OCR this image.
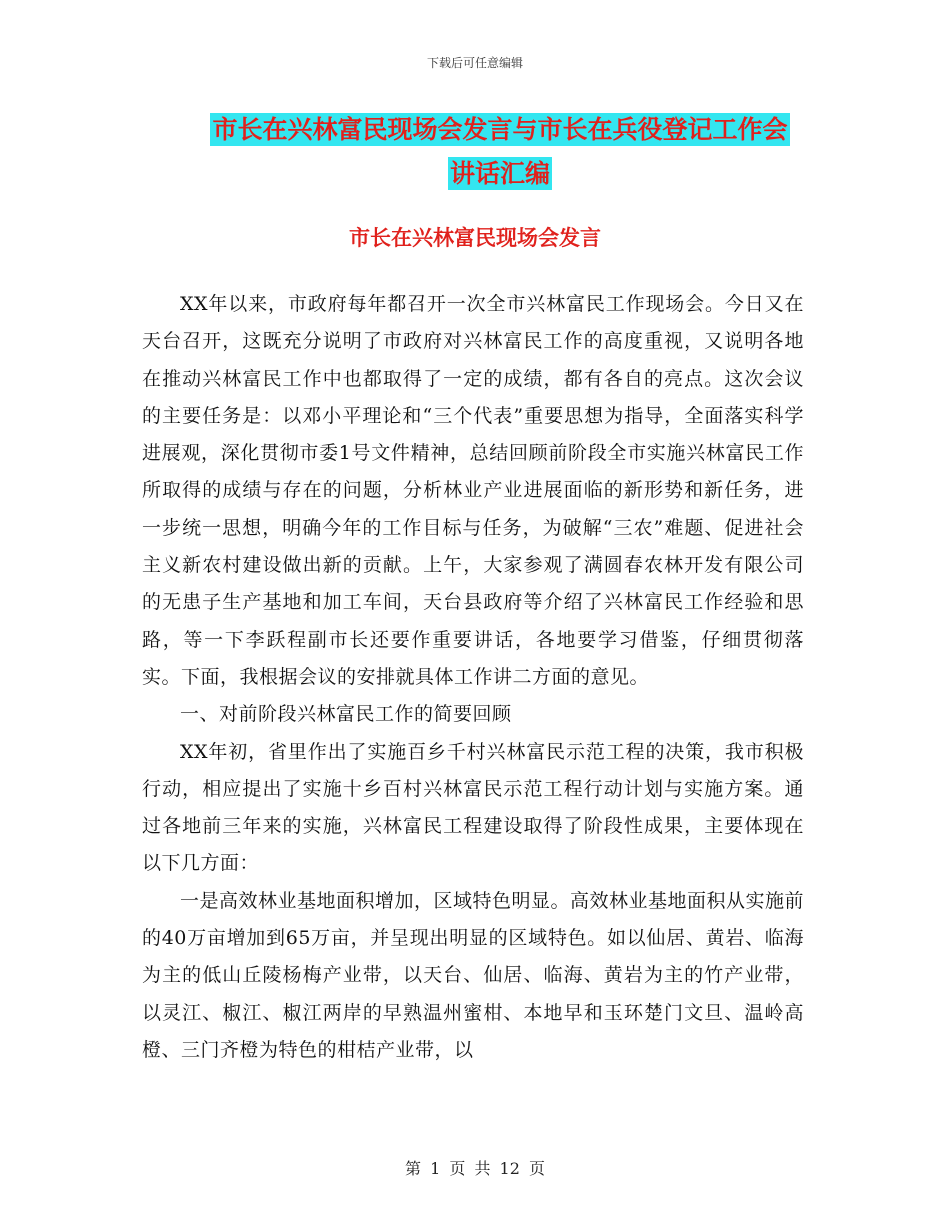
下载后可任意编辑
市长在兴林富民现场会发言与市长在兵役登记工作会
讲话汇编
市长在兴林富民现场会发言

XX年以来，市政府每年都召开一次全市兴林富民工作现场会。今日又在天台召开，这既充分说明了市政府对兴林富民工作的高度重视，又说明各地在推动兴林富民工作中也都取得了一定的成绩，都有各自的亮点。这次会议的主要任务是：以邓小平理论和“三个代表”重要思想为指导，全面落实科学进展观，深化贯彻市委1号文件精神，总结回顾前阶段全市实施兴林富民工作所取得的成绩与存在的问题，分析林业产业进展面临的新形势和新任务，进一步统一思想，明确今年的工作目标与任务，为破解“三农”难题、促进社会主义新农村建设做出新的贡献。上午，大家参观了满圆春农林开发有限公司的无患子生产基地和加工车间，天台县政府等介绍了兴林富民工作经验和思路，等一下李跃程副市长还要作重要讲话，各地要学习借鉴，仔细贯彻落实。下面，我根据会议的安排就具体工作讲二方面的意见。

一、对前阶段兴林富民工作的简要回顾

XX年初，省里作出了实施百乡千村兴林富民示范工程的决策，我市积极行动，相应提出了实施十乡百村兴林富民示范工程行动计划与实施方案。通过各地前三年来的实施，兴林富民工程建设取得了阶段性成果，主要体现在以下几方面：

一是高效林业基地面积增加，区域特色明显。高效林业基地面积从实施前的40万亩增加到65万亩，并呈现出明显的区域特色。如以仙居、黄岩、临海为主的低山丘陵杨梅产业带，以天台、仙居、临海、黄岩为主的竹产业带，以灵江、椒江、椒江两岸的早熟温州蜜柑、本地早和玉环楚门文旦、温岭高橙、三门齐橙为特色的柑桔产业带，以

第 1 页 共 12 页
